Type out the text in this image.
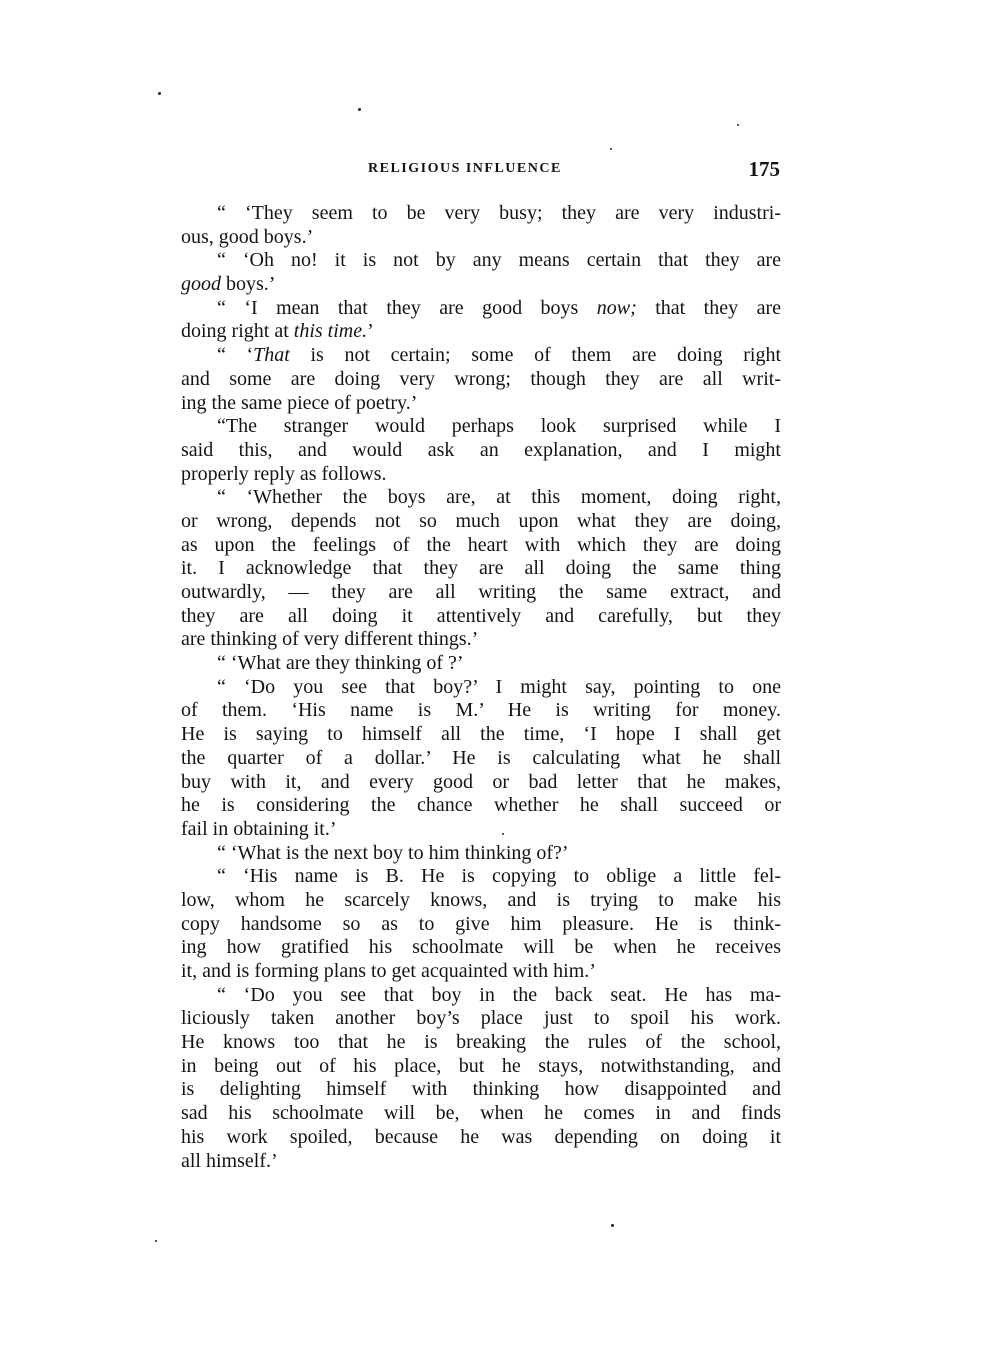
RELIGIOUS INFLUENCE	175
“ ‘They seem to be very busy; they are very industri-
ous, good boys.’
“ ‘Oh no! it is not by any means certain that they are
good boys.’
“ ‘I mean that they are good boys now; that they are
doing right at this time.’
“ ‘That is not certain; some of them are doing right
and some are doing very wrong; though they are all writ-
ing the same piece of poetry.’
“The stranger would perhaps look surprised while I
said this, and would ask an explanation, and I might
properly reply as follows.
“ ‘Whether the boys are, at this moment, doing right,
or wrong, depends not so much upon what they are doing,
as upon the feelings of the heart with which they are doing
it. I acknowledge that they are all doing the same thing
outwardly, — they are all writing the same extract, and
they are all doing it attentively and carefully, but they
are thinking of very different things.’
“ ‘What are they thinking of ?’
“ ‘Do you see that boy?’ I might say, pointing to one
of them. ‘His name is M.’ He is writing for money.
He is saying to himself all the time, ‘I hope I shall get
the quarter of a dollar.’ He is calculating what he shall
buy with it, and every good or bad letter that he makes,
he is considering the chance whether he shall succeed or
fail in obtaining it.’
“ ‘What is the next boy to him thinking of?’
“ ‘His name is B. He is copying to oblige a little fel-
low, whom he scarcely knows, and is trying to make his
copy handsome so as to give him pleasure. He is think-
ing how gratified his schoolmate will be when he receives
it, and is forming plans to get acquainted with him.’
“ ‘Do you see that boy in the back seat. He has ma-
liciously taken another boy’s place just to spoil his work.
He knows too that he is breaking the rules of the school,
in being out of his place, but he stays, notwithstanding, and
is delighting himself with thinking how disappointed and
sad his schoolmate will be, when he comes in and finds
his work spoiled, because he was depending on doing it
all himself.’
